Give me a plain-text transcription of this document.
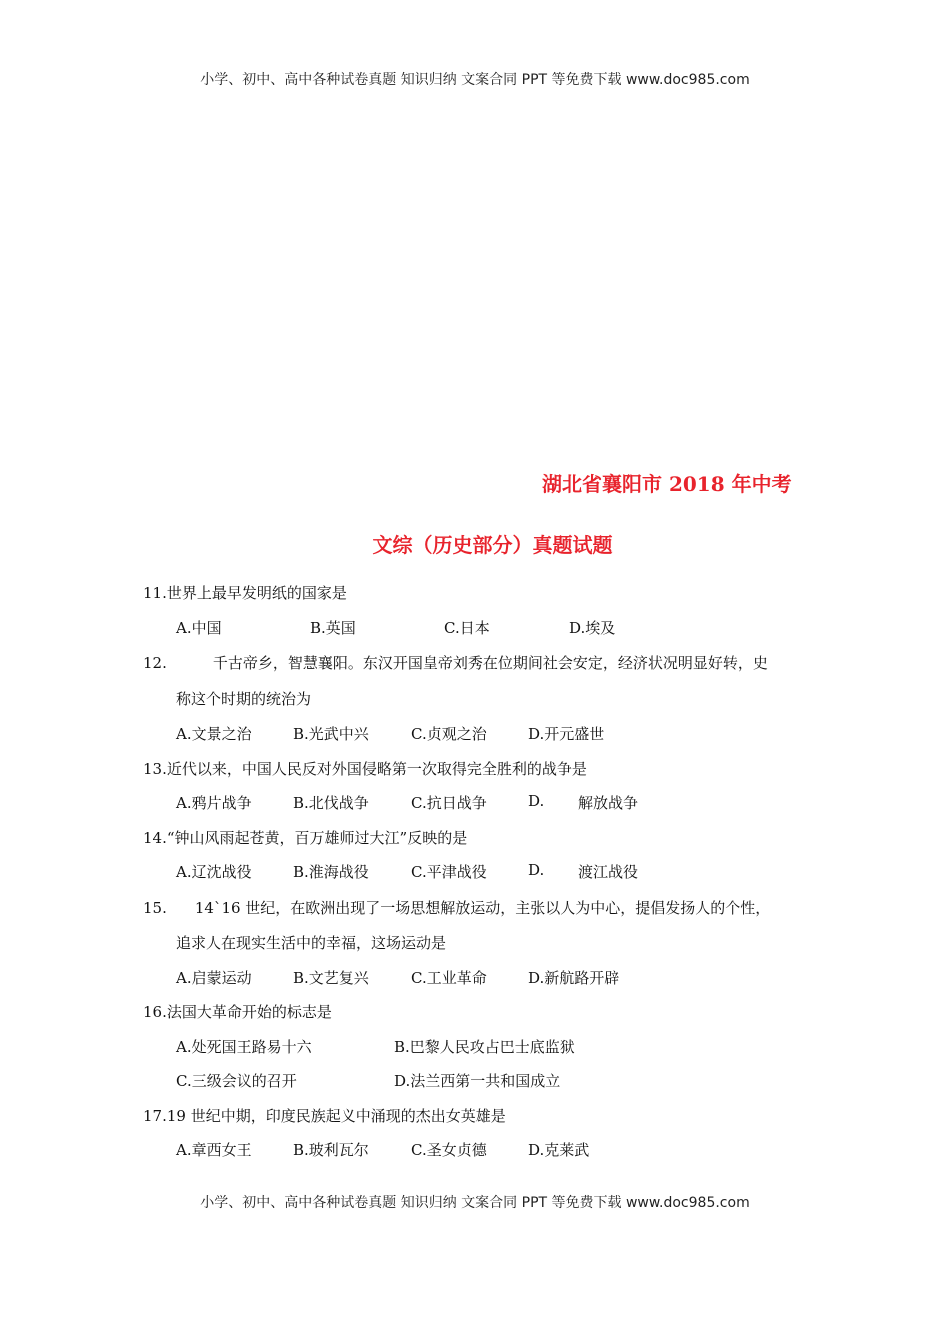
小学、初中、高中各种试卷真题 知识归纳 文案合同 PPT 等免费下载 www.doc985.com
湖北省襄阳市 2018 年中考
文综（历史部分）真题试题
11.世界上最早发明纸的国家是
A.中国	B.英国	C.日本	D.埃及
12.	千古帝乡，智慧襄阳。东汉开国皇帝刘秀在位期间社会安定，经济状况明显好转，史
称这个时期的统治为
A.文景之治	B.光武中兴	C.贞观之治	D.开元盛世
13.近代以来，中国人民反对外国侵略第一次取得完全胜利的战争是
A.鸦片战争	B.北伐战争	C.抗日战争	D. 解放战争
14.“钟山风雨起苍黄，百万雄师过大江”反映的是
A.辽沈战役	B.淮海战役	C.平津战役	D. 渡江战役
15. 14`16 世纪，在欧洲出现了一场思想解放运动，主张以人为中心，提倡发扬人的个性，
追求人在现实生活中的幸福，这场运动是
A.启蒙运动	B.文艺复兴	C.工业革命	D.新航路开辟
16.法国大革命开始的标志是
A.处死国王路易十六	B.巴黎人民攻占巴士底监狱
C.三级会议的召开	D.法兰西第一共和国成立
17.19 世纪中期，印度民族起义中涌现的杰出女英雄是
A.章西女王	B.玻利瓦尔	C.圣女贞德	D.克莱武
小学、初中、高中各种试卷真题 知识归纳 文案合同 PPT 等免费下载 www.doc985.com
